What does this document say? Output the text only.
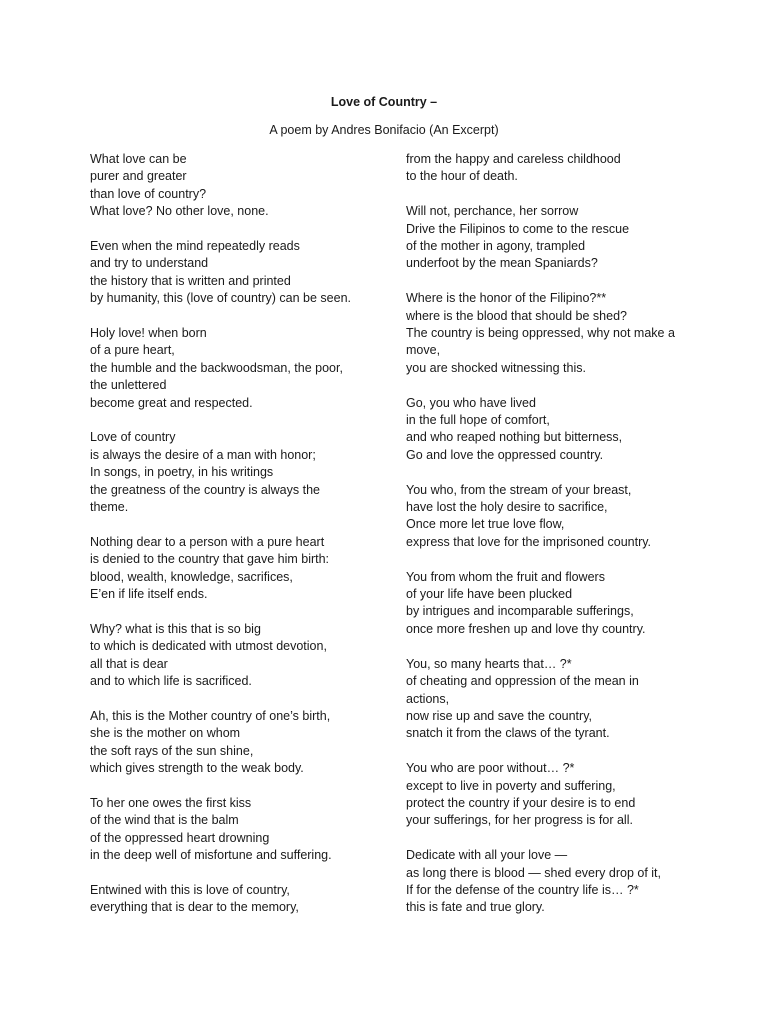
Love of Country –
A poem by Andres Bonifacio (An Excerpt)
What love can be
purer and greater
than love of country?
What love? No other love, none.
Even when the mind repeatedly reads
and try to understand
the history that is written and printed
by humanity, this (love of country) can be seen.
Holy love! when born
of a pure heart,
the humble and the backwoodsman, the poor,
the unlettered
become great and respected.
Love of country
is always the desire of a man with honor;
In songs, in poetry, in his writings
the greatness of the country is always the
theme.
Nothing dear to a person with a pure heart
is denied to the country that gave him birth:
blood, wealth, knowledge, sacrifices,
E’en if life itself ends.
Why? what is this that is so big
to which is dedicated with utmost devotion,
all that is dear
and to which life is sacrificed.
Ah, this is the Mother country of one’s birth,
she is the mother on whom
the soft rays of the sun shine,
which gives strength to the weak body.
To her one owes the first kiss
of the wind that is the balm
of the oppressed heart drowning
in the deep well of misfortune and suffering.
Entwined with this is love of country,
everything that is dear to the memory,
from the happy and careless childhood
to the hour of death.
Will not, perchance, her sorrow
Drive the Filipinos to come to the rescue
of the mother in agony, trampled
underfoot by the mean Spaniards?
Where is the honor of the Filipino?**
where is the blood that should be shed?
The country is being oppressed, why not make a
move,
you are shocked witnessing this.
Go, you who have lived
in the full hope of comfort,
and who reaped nothing but bitterness,
Go and love the oppressed country.
You who, from the stream of your breast,
have lost the holy desire to sacrifice,
Once more let true love flow,
express that love for the imprisoned country.
You from whom the fruit and flowers
of your life have been plucked
by intrigues and incomparable sufferings,
once more freshen up and love thy country.
You, so many hearts that… ?*
of cheating and oppression of the mean in
actions,
now rise up and save the country,
snatch it from the claws of the tyrant.
You who are poor without… ?*
except to live in poverty and suffering,
protect the country if your desire is to end
your sufferings, for her progress is for all.
Dedicate with all your love —
as long there is blood — shed every drop of it,
If for the defense of the country life is… ?*
this is fate and true glory.
